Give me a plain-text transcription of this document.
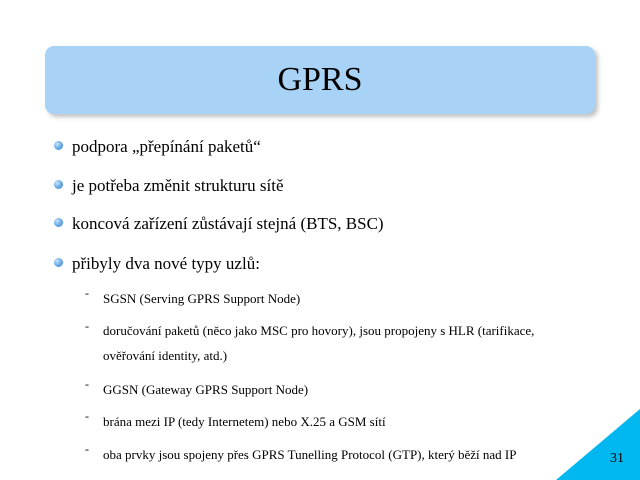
GPRS
podpora „přepínání paketů“
je potřeba změnit strukturu sítě
koncová zařízení zůstávají stejná (BTS, BSC)
přibyly dva nové typy uzlů:
- SGSN (Serving GPRS Support Node)
- doručování paketů (něco jako MSC pro hovory), jsou propojeny s HLR (tarifikace,
ověřování identity, atd.)
- GGSN (Gateway GPRS Support Node)
- brána mezi IP (tedy Internetem) nebo X.25 a GSM sítí
- oba prvky jsou spojeny přes GPRS Tunelling Protocol (GTP), který běží nad IP	31
